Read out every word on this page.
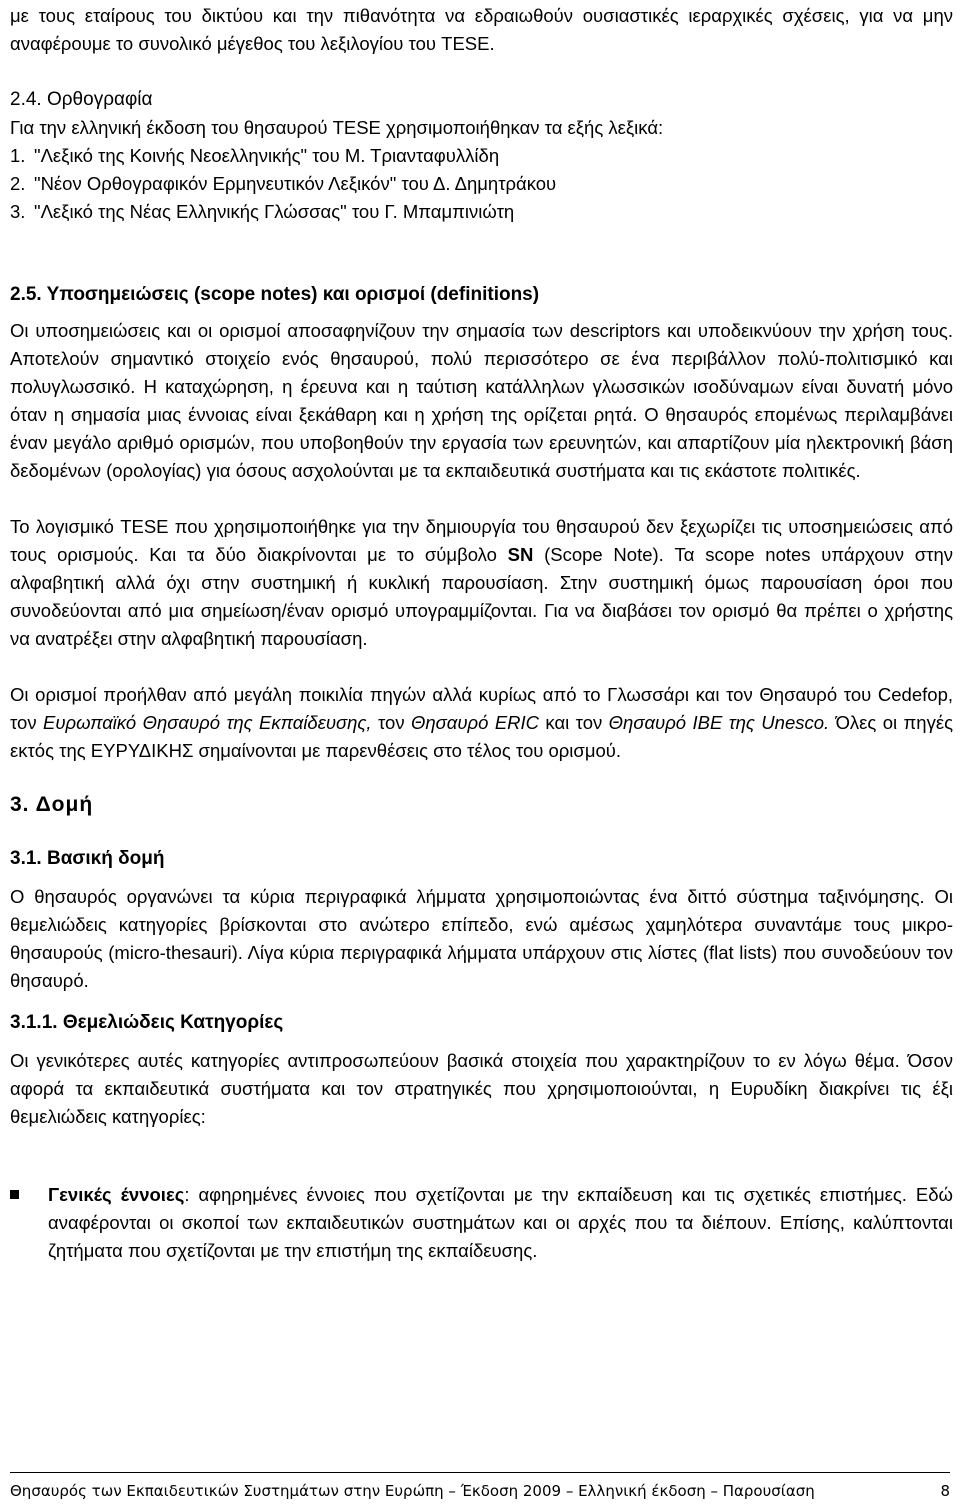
με τους εταίρους του δικτύου και την πιθανότητα να εδραιωθούν ουσιαστικές ιεραρχικές σχέσεις, για να μην αναφέρουμε το συνολικό μέγεθος του λεξιλογίου του TESE.

2.4. Ορθογραφία

Για την ελληνική έκδοση του θησαυρού TESE χρησιμοποιήθηκαν τα εξής λεξικά:

1. "Λεξικό της Κοινής Νεοελληνικής" του Μ. Τριανταφυλλίδη
2. "Νέον Ορθογραφικόν Ερμηνευτικόν Λεξικόν" του Δ. Δημητράκου
3. "Λεξικό της Νέας Ελληνικής Γλώσσας" του Γ. Μπαμπινιώτη
2.5. Υποσημειώσεις (scope notes) και ορισμοί (definitions)

Οι υποσημειώσεις και οι ορισμοί αποσαφηνίζουν την σημασία των descriptors και υποδεικνύουν την χρήση τους. Αποτελούν σημαντικό στοιχείο ενός θησαυρού, πολύ περισσότερο σε ένα περιβάλλον πολύ-πολιτισμικό και πολυγλωσσικό. Η καταχώρηση, η έρευνα και η ταύτιση κατάλληλων γλωσσικών ισοδύναμων είναι δυνατή μόνο όταν η σημασία μιας έννοιας είναι ξεκάθαρη και η χρήση της ορίζεται ρητά. Ο θησαυρός επομένως περιλαμβάνει έναν μεγάλο αριθμό ορισμών, που υποβοηθούν την εργασία των ερευνητών, και απαρτίζουν μία ηλεκτρονική βάση δεδομένων (ορολογίας) για όσους ασχολούνται με τα εκπαιδευτικά συστήματα και τις εκάστοτε πολιτικές.

Το λογισμικό TESE που χρησιμοποιήθηκε για την δημιουργία του θησαυρού δεν ξεχωρίζει τις υποσημειώσεις από τους ορισμούς. Και τα δύο διακρίνονται με το σύμβολο SN (Scope Note). Τα scope notes υπάρχουν στην αλφαβητική αλλά όχι στην συστημική ή κυκλική παρουσίαση. Στην συστημική όμως παρουσίαση όροι που συνοδεύονται από μια σημείωση/έναν ορισμό υπογραμμίζονται. Για να διαβάσει τον ορισμό θα πρέπει ο χρήστης να ανατρέξει στην αλφαβητική παρουσίαση.

Οι ορισμοί προήλθαν από μεγάλη ποικιλία πηγών αλλά κυρίως από το Γλωσσάρι και τον Θησαυρό του Cedefop, τον Ευρωπαϊκό Θησαυρό της Εκπαίδευσης, τον Θησαυρό ERIC και τον Θησαυρό IBE της Unesco. Όλες οι πηγές εκτός της ΕΥΡΥΔΙΚΗΣ σημαίνονται με παρενθέσεις στο τέλος του ορισμού.

3. Δομή
3.1. Βασική δομή

Ο θησαυρός οργανώνει τα κύρια περιγραφικά λήμματα χρησιμοποιώντας ένα διττό σύστημα ταξινόμησης. Οι θεμελιώδεις κατηγορίες βρίσκονται στο ανώτερο επίπεδο, ενώ αμέσως χαμηλότερα συναντάμε τους μικρο-θησαυρούς (micro-thesauri). Λίγα κύρια περιγραφικά λήμματα υπάρχουν στις λίστες (flat lists) που συνοδεύουν τον θησαυρό.

3.1.1. Θεμελιώδεις Κατηγορίες

Οι γενικότερες αυτές κατηγορίες αντιπροσωπεύουν βασικά στοιχεία που χαρακτηρίζουν το εν λόγω θέμα. Όσον αφορά τα εκπαιδευτικά συστήματα και τον στρατηγικές που χρησιμοποιούνται, η Ευρυδίκη διακρίνει τις έξι θεμελιώδεις κατηγορίες:

Γενικές έννοιες: αφηρημένες έννοιες που σχετίζονται με την εκπαίδευση και τις σχετικές επιστήμες. Εδώ αναφέρονται οι σκοποί των εκπαιδευτικών συστημάτων και οι αρχές που τα διέπουν. Επίσης, καλύπτονται ζητήματα που σχετίζονται με την επιστήμη της εκπαίδευσης.

Θησαυρός των Εκπαιδευτικών Συστημάτων στην Ευρώπη – Έκδοση 2009 – Ελληνική έκδοση – Παρουσίαση	8
